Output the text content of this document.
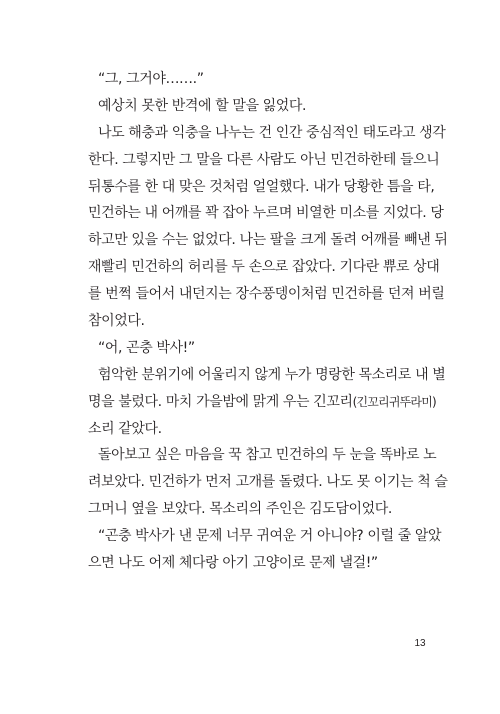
“그, 그거야…….”
예상치 못한 반격에 할 말을 잃었다.
나도 해충과 익충을 나누는 건 인간 중심적인 태도라고 생각
한다. 그렇지만 그 말을 다른 사람도 아닌 민건하한테 들으니
뒤통수를 한 대 맞은 것처럼 얼얼했다. 내가 당황한 틈을 타,
민건하는 내 어깨를 꽉 잡아 누르며 비열한 미소를 지었다. 당
하고만 있을 수는 없었다. 나는 팔을 크게 돌려 어깨를 빼낸 뒤
재빨리 민건하의 허리를 두 손으로 잡았다. 기다란 쀼로 상대
를 번쩍 들어서 내던지는 장수풍뎅이처럼 민건하를 던져 버릴
참이었다.
“어, 곤충 박사!”
험악한 분위기에 어울리지 않게 누가 명랑한 목소리로 내 별
명을 불렀다. 마치 가을밤에 맑게 우는 긴꼬리(긴꼬리귀뚜라미)
소리 같았다.
돌아보고 싶은 마음을 꾹 참고 민건하의 두 눈을 똑바로 노
려보았다. 민건하가 먼저 고개를 돌렸다. 나도 못 이기는 척 슬
그머니 옆을 보았다. 목소리의 주인은 김도담이었다.
“곤충 박사가 낸 문제 너무 귀여운 거 아니야? 이럴 줄 알았
으면 나도 어제 체다랑 아기 고양이로 문제 낼걸!”
13
